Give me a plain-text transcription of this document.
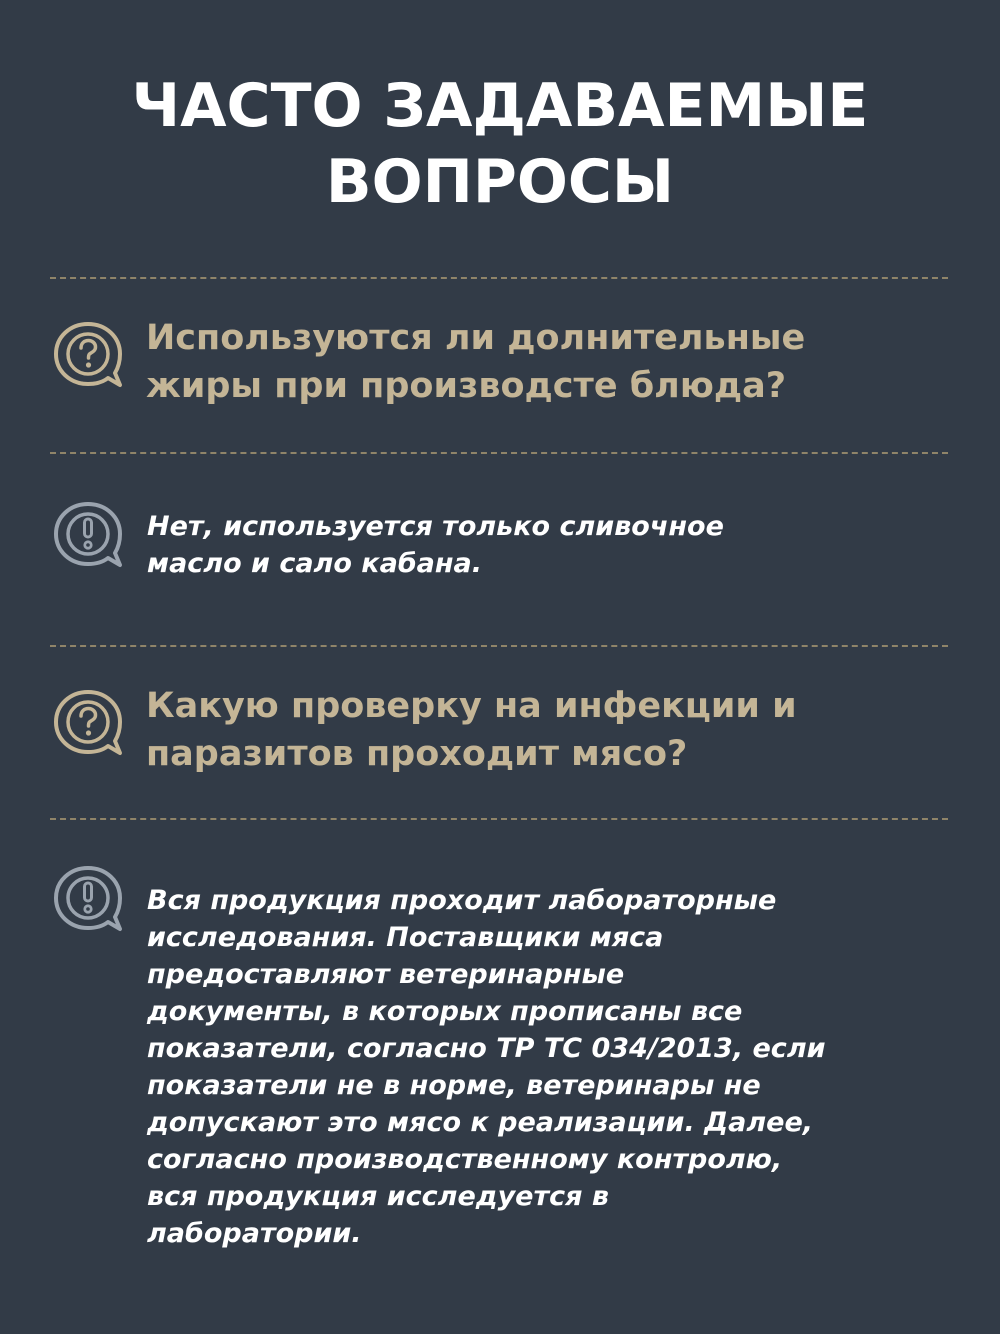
ЧАСТО ЗАДАВАЕМЫЕ
ВОПРОСЫ
Используются ли долнительные
жиры при производсте блюда?
Нет, используется только сливочное
масло и сало кабана.
Какую проверку на инфекции и
паразитов проходит мясо?
Вся продукция проходит лабораторные
исследования. Поставщики мяса
предоставляют ветеринарные
документы, в которых прописаны все
показатели, согласно ТР ТС 034/2013, если
показатели не в норме, ветеринары не
допускают это мясо к реализации. Далее,
согласно производственному контролю,
вся продукция исследуется в
лаборатории.
